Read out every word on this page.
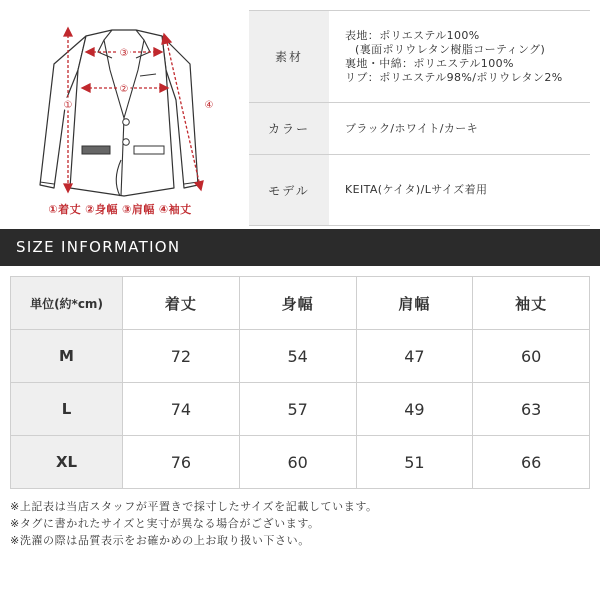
①
②
③
④
①着丈 ②身幅 ③肩幅 ④袖丈
素材
表地：ポリエステル100%
(裏面ポリウレタン樹脂コーティング)
裏地・中綿：ポリエステル100%
リブ：ポリエステル98%/ポリウレタン2%
カラー	ブラック/ホワイト/カーキ
モデル	KEITA(ケイタ)/Lサイズ着用
SIZE INFORMATION
単位(約*cm)	着丈	身幅	肩幅	袖丈
M	72	54	47	60
L	74	57	49	63
XL	76	60	51	66
※上記表は当店スタッフが平置きで採寸したサイズを記載しています。
※タグに書かれたサイズと実寸が異なる場合がございます。
※洗濯の際は品質表示をお確かめの上お取り扱い下さい。
